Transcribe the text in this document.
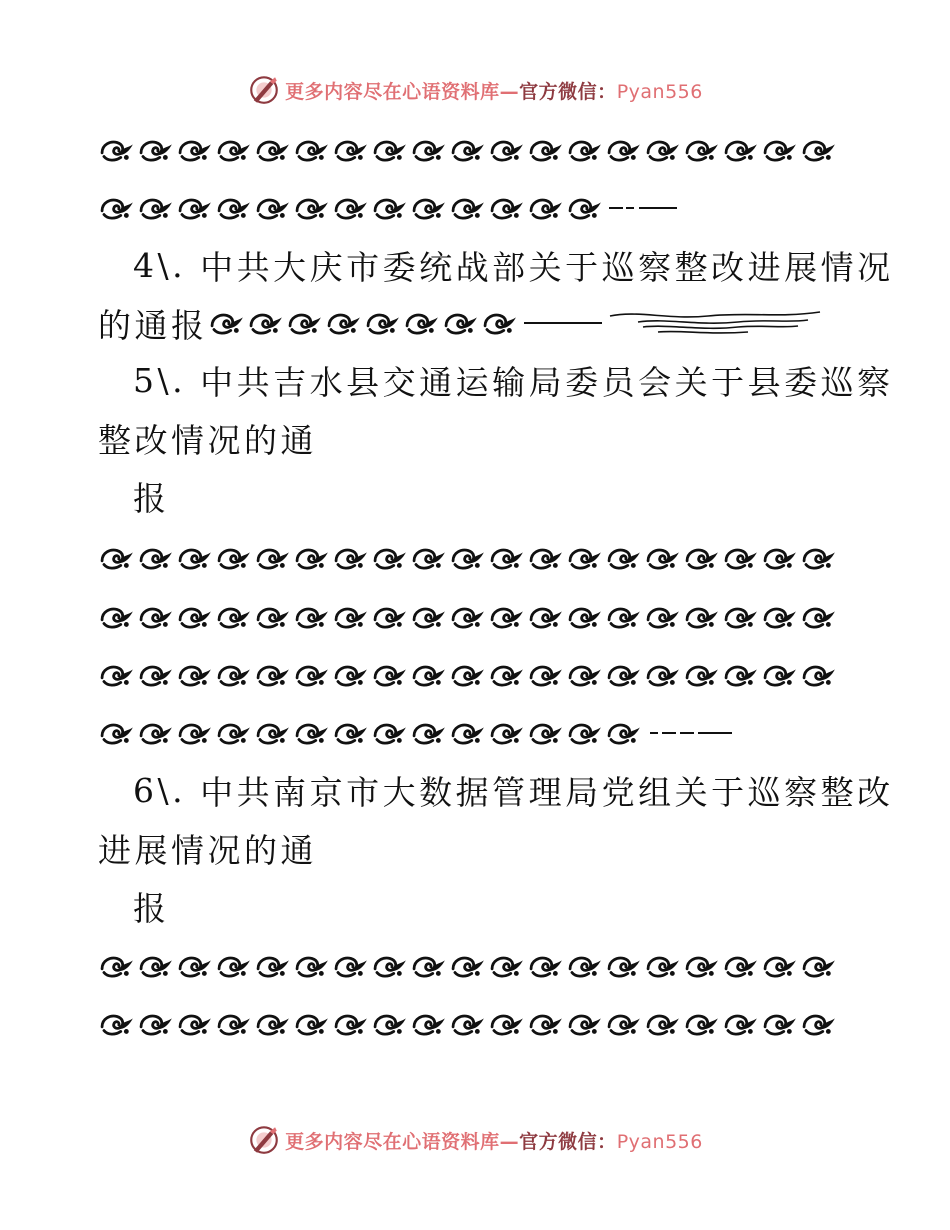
更多内容尽在心语资料库—官方微信：Pyan556
4\.
中共大庆市委统战部关于巡察整改进展情况
的通报
5\.
中共吉水县交通运输局委员会关于县委巡察
整改情况的通
报
6\.
中共南京市大数据管理局党组关于巡察整改
进展情况的通
报
更多内容尽在心语资料库—官方微信：Pyan556
